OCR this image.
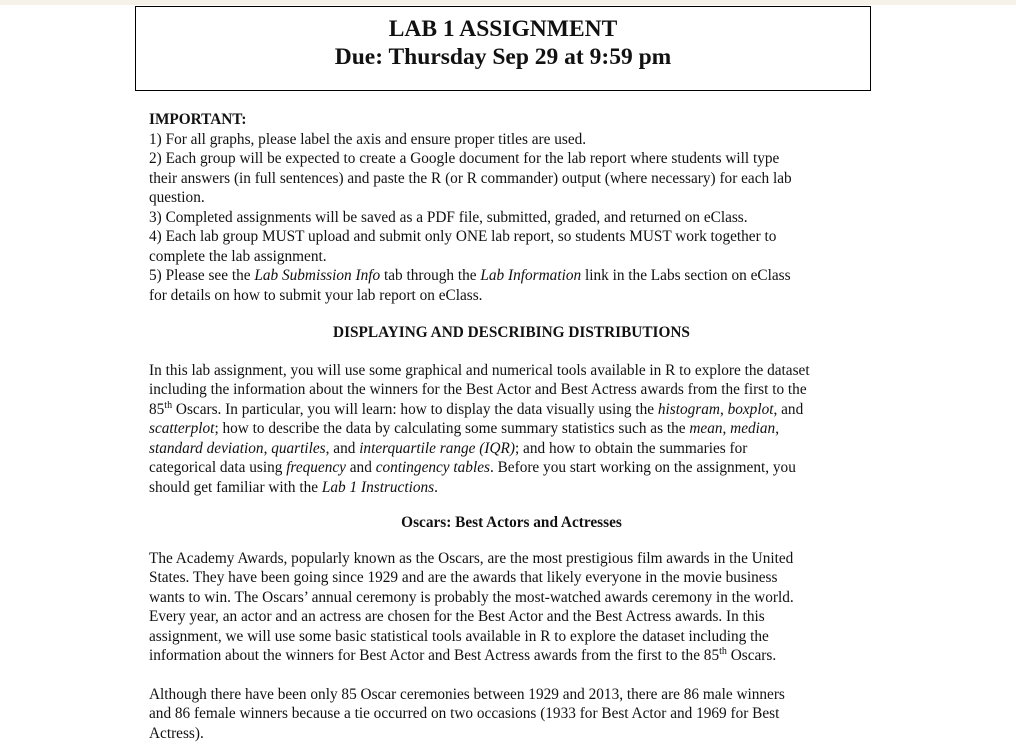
LAB 1 ASSIGNMENT
Due: Thursday Sep 29 at 9:59 pm
IMPORTANT:
1) For all graphs, please label the axis and ensure proper titles are used.
2) Each group will be expected to create a Google document for the lab report where students will type
their answers (in full sentences) and paste the R (or R commander) output (where necessary) for each lab
question.
3) Completed assignments will be saved as a PDF file, submitted, graded, and returned on eClass.
4) Each lab group MUST upload and submit only ONE lab report, so students MUST work together to
complete the lab assignment.
5) Please see the Lab Submission Info tab through the Lab Information link in the Labs section on eClass
for details on how to submit your lab report on eClass.
DISPLAYING AND DESCRIBING DISTRIBUTIONS
In this lab assignment, you will use some graphical and numerical tools available in R to explore the dataset
including the information about the winners for the Best Actor and Best Actress awards from the first to the
85th Oscars. In particular, you will learn: how to display the data visually using the histogram, boxplot, and
scatterplot; how to describe the data by calculating some summary statistics such as the mean, median,
standard deviation, quartiles, and interquartile range (IQR); and how to obtain the summaries for
categorical data using frequency and contingency tables. Before you start working on the assignment, you
should get familiar with the Lab 1 Instructions.
Oscars: Best Actors and Actresses
The Academy Awards, popularly known as the Oscars, are the most prestigious film awards in the United
States. They have been going since 1929 and are the awards that likely everyone in the movie business
wants to win. The Oscars’ annual ceremony is probably the most-watched awards ceremony in the world.
Every year, an actor and an actress are chosen for the Best Actor and the Best Actress awards. In this
assignment, we will use some basic statistical tools available in R to explore the dataset including the
information about the winners for Best Actor and Best Actress awards from the first to the 85th Oscars.
Although there have been only 85 Oscar ceremonies between 1929 and 2013, there are 86 male winners
and 86 female winners because a tie occurred on two occasions (1933 for Best Actor and 1969 for Best
Actress).
